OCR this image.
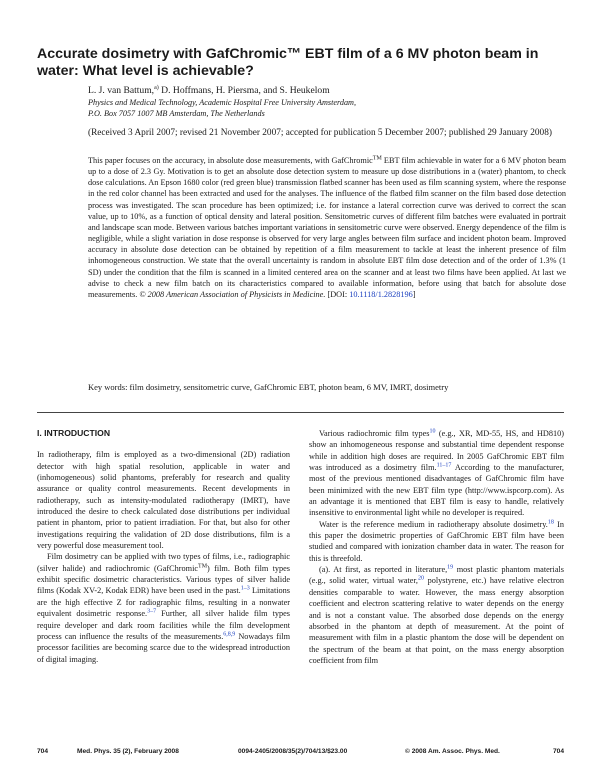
Accurate dosimetry with GafChromic™ EBT film of a 6 MV photon beam in water: What level is achievable?
L. J. van Battum,$^{a)}$ D. Hoffmans, H. Piersma, and S. Heukelom
Physics and Medical Technology, Academic Hospital Free University Amsterdam,
P.O. Box 7057 1007 MB Amsterdam, The Netherlands
(Received 3 April 2007; revised 21 November 2007; accepted for publication 5 December 2007; published 29 January 2008)

This paper focuses on the accuracy, in absolute dose measurements, with GafChromic™ EBT film achievable in water for a 6 MV photon beam up to a dose of 2.3 Gy. Motivation is to get an absolute dose detection system to measure up dose distributions in a (water) phantom, to check dose calculations. An Epson 1680 color (red green blue) transmission flatbed scanner has been used as film scanning system, where the response in the red color channel has been extracted and used for the analyses. The influence of the flatbed film scanner on the film based dose detection process was investigated. The scan procedure has been optimized; i.e. for instance a lateral correction curve was derived to correct the scan value, up to 10%, as a function of optical density and lateral position. Sensitometric curves of different film batches were evaluated in portrait and landscape scan mode. Between various batches important variations in sensitometric curve were observed. Energy dependence of the film is negligible, while a slight variation in dose response is observed for very large angles between film surface and incident photon beam. Improved accuracy in absolute dose detection can be obtained by repetition of a film measurement to tackle at least the inherent presence of film inhomogeneous construction. We state that the overall uncertainty is random in absolute EBT film dose detection and of the order of 1.3% (1 SD) under the condition that the film is scanned in a limited centered area on the scanner and at least two films have been applied. At last we advise to check a new film batch on its characteristics compared to available information, before using that batch for absolute dose measurements. © 2008 American Association of Physicists in Medicine. [DOI: 10.1118/1.2828196]

Key words: film dosimetry, sensitometric curve, GafChromic EBT, photon beam, 6 MV, IMRT, dosimetry
I. INTRODUCTION

In radiotherapy, film is employed as a two-dimensional (2D) radiation detector with high spatial resolution, applicable in water and (inhomogeneous) solid phantoms, preferably for research and quality assurance or quality control measurements. Recent developments in radiotherapy, such as intensity-modulated radiotherapy (IMRT), have introduced the desire to check calculated dose distributions per individual patient in phantom, prior to patient irradiation. For that, but also for other investigations requiring the validation of 2D dose distributions, film is a very powerful dose measurement tool.

Film dosimetry can be applied with two types of films, i.e., radiographic (silver halide) and radiochromic (GafChromic™) film. Both film types exhibit specific dosimetric characteristics. Various types of silver halide films (Kodak XV-2, Kodak EDR) have been used in the past.$^{1-3}$ Limitations are the high effective Z for radiographic films, resulting in a nonwater equivalent dosimetric response.$^{3-7}$ Further, all silver halide film types require developer and dark room facilities while the film development process can influence the results of the measurements.$^{6,8,9}$ Nowadays film processor facilities are becoming scarce due to the widespread introduction of digital imaging.

Various radiochromic film types$^{10}$ (e.g., XR, MD-55, HS, and HD810) show an inhomogeneous response and substantial time dependent response while in addition high doses are required. In 2005 GafChromic EBT film was introduced as a dosimetry film.$^{11-17}$ According to the manufacturer, most of the previous mentioned disadvantages of GafChromic film have been minimized with the new EBT film type (http://www.ispcorp.com). As an advantage it is mentioned that EBT film is easy to handle, relatively insensitive to environmental light while no developer is required.

Water is the reference medium in radiotherapy absolute dosimetry.$^{18}$ In this paper the dosimetric properties of GafChromic EBT film have been studied and compared with ionization chamber data in water. The reason for this is threefold.

(a). At first, as reported in literature,$^{19}$ most plastic phantom materials (e.g., solid water, virtual water,$^{20}$ polystyrene, etc.) have relative electron densities comparable to water. However, the mass energy absorption coefficient and electron scattering relative to water depends on the energy and is not a constant value. The absorbed dose depends on the energy absorbed in the phantom at depth of measurement. At the point of measurement with film in a plastic phantom the dose will be dependent on the spectrum of the beam at that point, on the mass energy absorption coefficient from film

704	Med. Phys. 35 (2), February 2008	0094-2405/2008/35(2)/704/13/$23.00	© 2008 Am. Assoc. Phys. Med.	704
